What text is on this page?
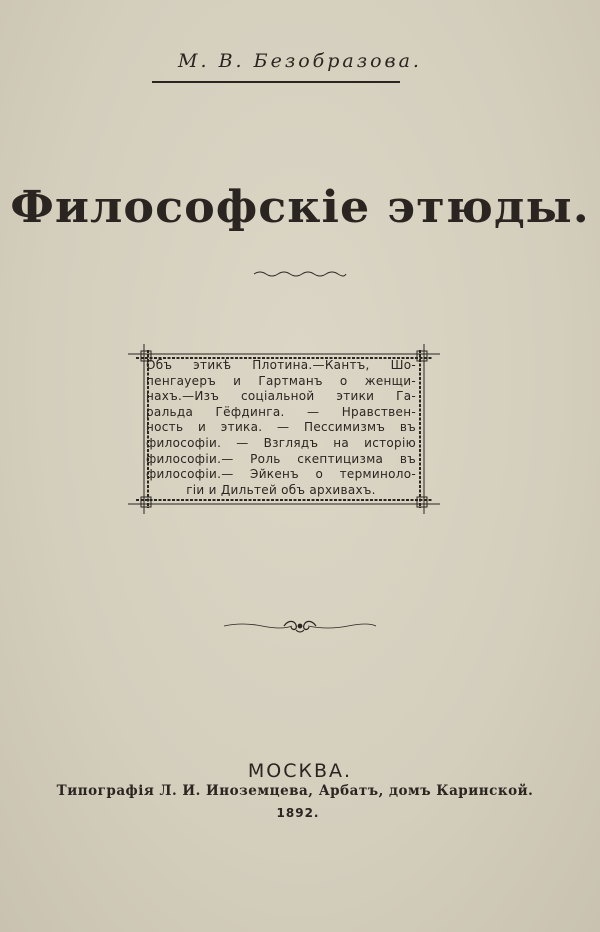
М. В. Безобразова.
Философскiе этюды.
Объ этикѣ Плотина.—Кантъ, Шо-
пенгауеръ и Гартманъ о женщи-
нахъ.—Изъ соцiальной этики Га-
ральда Гёфдинга. — Нравствен-
ность и этика. — Пессимизмъ въ
философiи. — Взглядъ на исторiю
философiи.— Роль скептицизма въ
философiи.— Эйкенъ о терминоло-
гiи и Дильтей объ архивахъ.
МОСКВА.
Типографiя Л. И. Иноземцева, Арбатъ, домъ Каринской.
1892.
